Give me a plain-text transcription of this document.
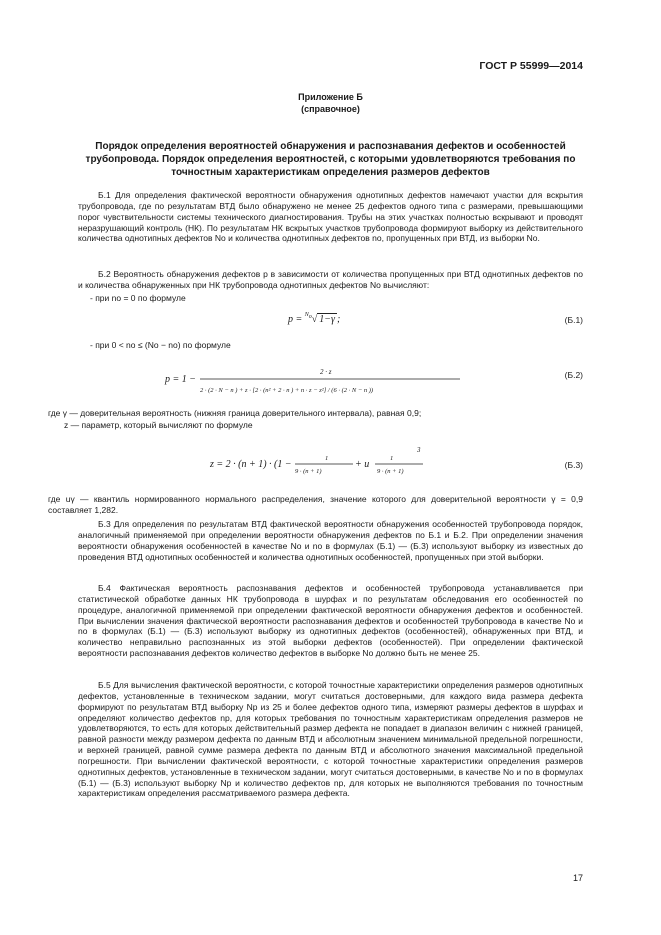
ГОСТ Р 55999—2014
Приложение Б
(справочное)
Порядок определения вероятностей обнаружения и распознавания дефектов и особенностей трубопровода. Порядок определения вероятностей, с которыми удовлетворяются требования по точностным характеристикам определения размеров дефектов

Б.1 Для определения фактической вероятности обнаружения однотипных дефектов намечают участки для вскрытия трубопровода, где по результатам ВТД было обнаружено не менее 25 дефектов одного типа с размерами, превышающими порог чувствительности системы технического диагностирования. Трубы на этих участках полностью вскрывают и проводят неразрушающий контроль (НК). По результатам НК вскрытых участков трубопровода формируют выборку из действительного количества однотипных дефектов Nо и количества однотипных дефектов nо, пропущенных при ВТД, из выборки Nо.

Б.2 Вероятность обнаружения дефектов p в зависимости от количества пропущенных при ВТД однотипных дефектов nо и количества обнаруженных при НК трубопровода однотипных дефектов Nо вычисляют:

- при nо = 0 по формуле
p = $^{N_о}$√ 1−γ ;	(Б.1)
- при 0 < nо ≤ (Nо − nо) по формуле
p = 1 −
2 · z
2 · (2 · N − n ) + z · [2 · (n² + 2 · n ) + n · z − z²] / (6 · (2 · N − n ))
(Б.2)
где γ — доверительная вероятность (нижняя граница доверительного интервала), равная 0,9;
z — параметр, который вычисляют по формуле
z = 2 · (n + 1) · (1 −
1
9 · (n + 1)
+ u
1
9 · (n + 1)
3
(Б.3)

где uγ — квантиль нормированного нормального распределения, значение которого для доверительной вероятности γ = 0,9 составляет 1,282.

Б.3 Для определения по результатам ВТД фактической вероятности обнаружения особенностей трубопровода порядок, аналогичный применяемой при определении вероятности обнаружения дефектов по Б.1 и Б.2. При определении значения вероятности обнаружения особенностей в качестве Nо и nо в формулах (Б.1) — (Б.3) используют выборку из известных до проведения ВТД однотипных особенностей и количества однотипных особенностей, пропущенных при этой выборки.

Б.4 Фактическая вероятность распознавания дефектов и особенностей трубопровода устанавливается при статистической обработке данных НК трубопровода в шурфах и по результатам обследования его особенностей по процедуре, аналогичной применяемой при определении фактической вероятности обнаружения дефектов и особенностей. При вычислении значения фактической вероятности распознавания дефектов и особенностей трубопровода в качестве Nо и nо в формулах (Б.1) — (Б.3) используют выборку из однотипных дефектов (особенностей), обнаруженных при ВТД, и количество неправильно распознанных из этой выборки дефектов (особенностей). При определении фактической вероятности распознавания дефектов количество дефектов в выборке Nо должно быть не менее 25.

Б.5 Для вычисления фактической вероятности, с которой точностные характеристики определения размеров однотипных дефектов, установленные в техническом задании, могут считаться достоверными, для каждого вида размера дефекта формируют по результатам ВТД выборку Np из 25 и более дефектов одного типа, измеряют размеры дефектов в шурфах и определяют количество дефектов np, для которых требования по точностным характеристикам определения размеров не удовлетворяются, то есть для которых действительный размер дефекта не попадает в диапазон величин с нижней границей, равной разности между размером дефекта по данным ВТД и абсолютным значением минимальной предельной погрешности, и верхней границей, равной сумме размера дефекта по данным ВТД и абсолютного значения максимальной предельной погрешности. При вычислении фактической вероятности, с которой точностные характеристики определения размеров однотипных дефектов, установленные в техническом задании, могут считаться достоверными, в качестве Nо и nо в формулах (Б.1) — (Б.3) используют выборку Np и количество дефектов np, для которых не выполняются требования по точностным характеристикам определения рассматриваемого размера дефекта.

17
